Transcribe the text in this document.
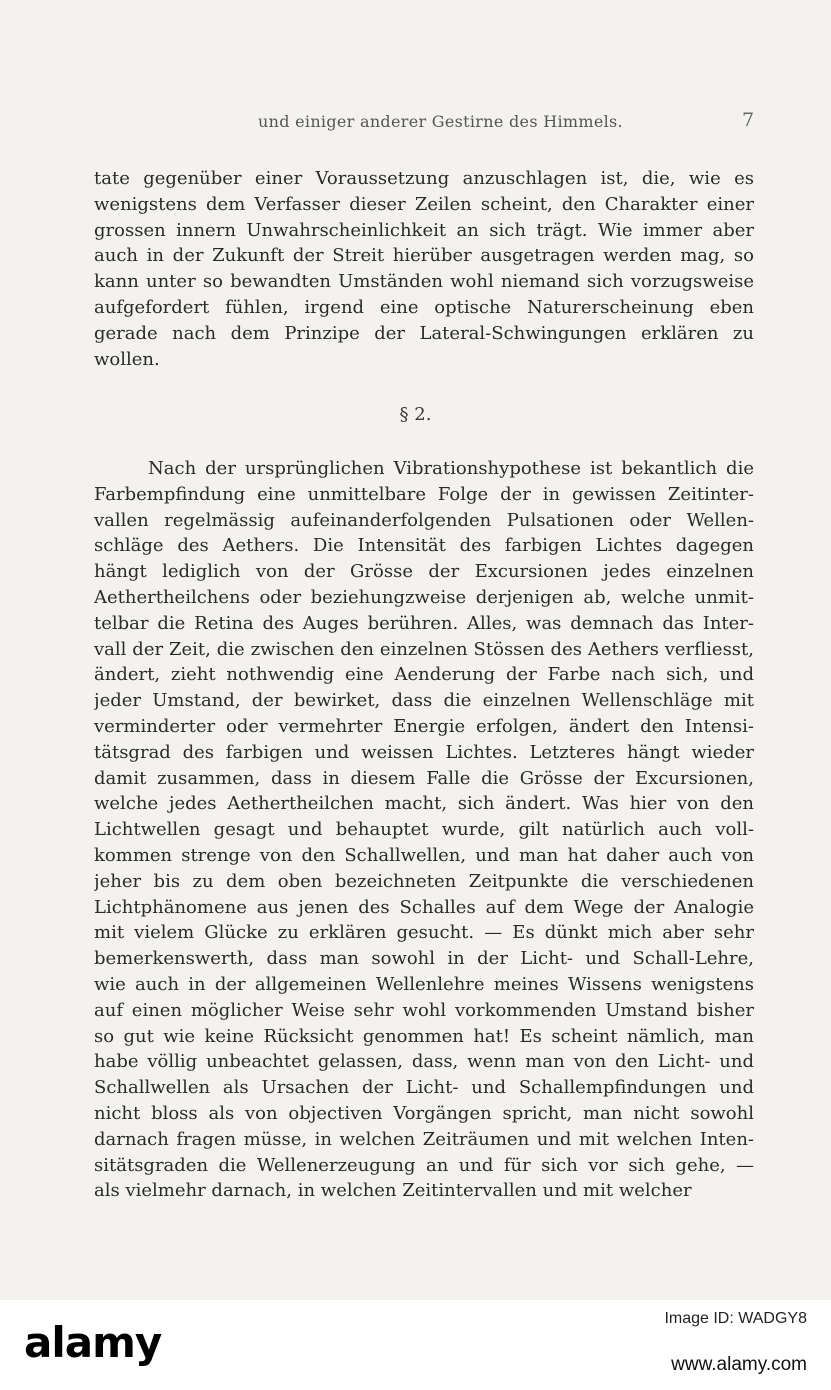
und einiger anderer Gestirne des Himmels.	7
tate gegenüber einer Voraussetzung anzuschlagen ist, die, wie es
wenigstens dem Verfasser dieser Zeilen scheint, den Charakter einer
grossen innern Unwahrscheinlichkeit an sich trägt. Wie immer aber
auch in der Zukunft der Streit hierüber ausgetragen werden mag, so
kann unter so bewandten Umständen wohl niemand sich vorzugsweise
aufgefordert fühlen, irgend eine optische Naturerscheinung eben
gerade nach dem Prinzipe der Lateral-Schwingungen erklären zu
wollen.
§ 2.
Nach der ursprünglichen Vibrationshypothese ist bekantlich die
Farbempfindung eine unmittelbare Folge der in gewissen Zeitinter-
vallen regelmässig aufeinanderfolgenden Pulsationen oder Wellen-
schläge des Aethers. Die Intensität des farbigen Lichtes dagegen
hängt lediglich von der Grösse der Excursionen jedes einzelnen
Aethertheilchens oder beziehungzweise derjenigen ab, welche unmit-
telbar die Retina des Auges berühren. Alles, was demnach das Inter-
vall der Zeit, die zwischen den einzelnen Stössen des Aethers verfliesst,
ändert, zieht nothwendig eine Aenderung der Farbe nach sich, und
jeder Umstand, der bewirket, dass die einzelnen Wellenschläge mit
verminderter oder vermehrter Energie erfolgen, ändert den Intensi-
tätsgrad des farbigen und weissen Lichtes. Letzteres hängt wieder
damit zusammen, dass in diesem Falle die Grösse der Excursionen,
welche jedes Aethertheilchen macht, sich ändert. Was hier von den
Lichtwellen gesagt und behauptet wurde, gilt natürlich auch voll-
kommen strenge von den Schallwellen, und man hat daher auch von
jeher bis zu dem oben bezeichneten Zeitpunkte die verschiedenen
Lichtphänomene aus jenen des Schalles auf dem Wege der Analogie
mit vielem Glücke zu erklären gesucht. — Es dünkt mich aber sehr
bemerkenswerth, dass man sowohl in der Licht- und Schall-Lehre,
wie auch in der allgemeinen Wellenlehre meines Wissens wenigstens
auf einen möglicher Weise sehr wohl vorkommenden Umstand bisher
so gut wie keine Rücksicht genommen hat! Es scheint nämlich, man
habe völlig unbeachtet gelassen, dass, wenn man von den Licht- und
Schallwellen als Ursachen der Licht- und Schallempfindungen und
nicht bloss als von objectiven Vorgängen spricht, man nicht sowohl
darnach fragen müsse, in welchen Zeiträumen und mit welchen Inten-
sitätsgraden die Wellenerzeugung an und für sich vor sich gehe, —
als vielmehr darnach, in welchen Zeitintervallen und mit welcher
alamy	Image ID: WADGY8
www.alamy.com
